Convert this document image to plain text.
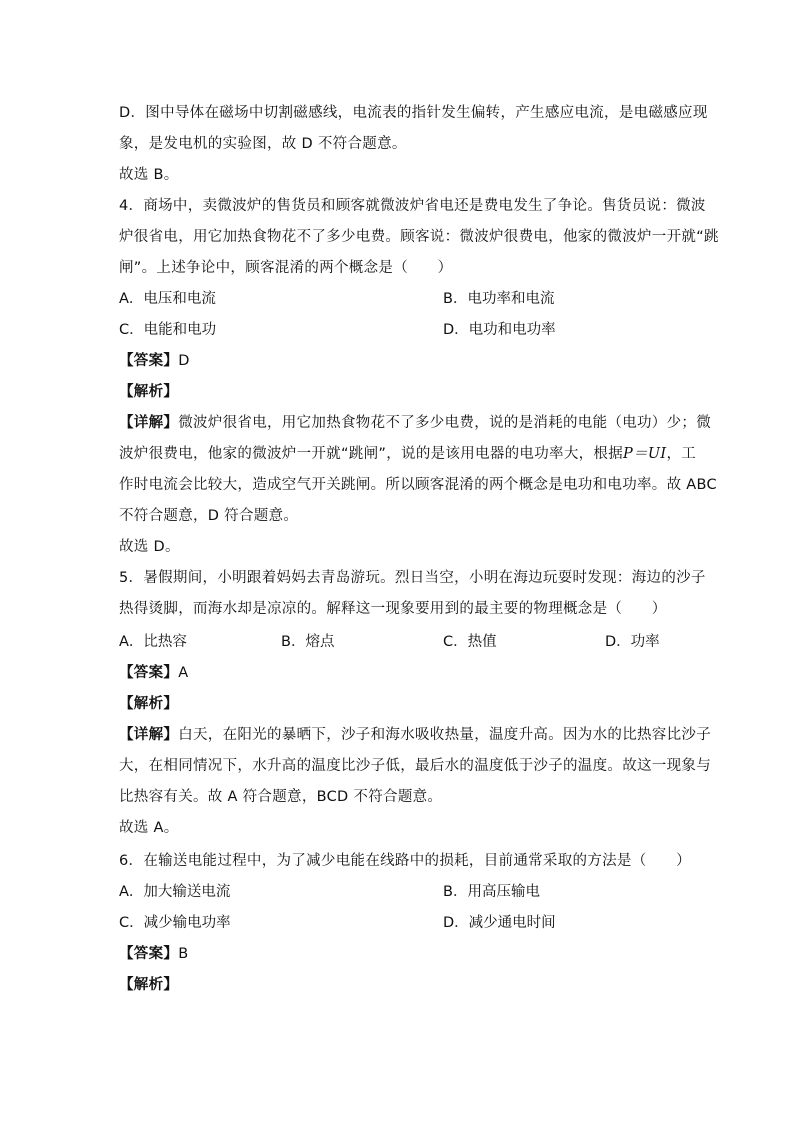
D．图中导体在磁场中切割磁感线，电流表的指针发生偏转，产生感应电流，是电磁感应现
象，是发电机的实验图，故 D 不符合题意。
故选 B。
4．商场中，卖微波炉的售货员和顾客就微波炉省电还是费电发生了争论。售货员说：微波
炉很省电，用它加热食物花不了多少电费。顾客说：微波炉很费电，他家的微波炉一开就“跳
闸”。上述争论中，顾客混淆的两个概念是（　　）
A．电压和电流	B．电功率和电流
C．电能和电功	D．电功和电功率
【答案】D
【解析】
【详解】微波炉很省电，用它加热食物花不了多少电费，说的是消耗的电能（电功）少；微
波炉很费电，他家的微波炉一开就“跳闸”，说的是该用电器的电功率大，根据P＝UI，工
作时电流会比较大，造成空气开关跳闸。所以顾客混淆的两个概念是电功和电功率。故 ABC
不符合题意，D 符合题意。
故选 D。
5．暑假期间，小明跟着妈妈去青岛游玩。烈日当空，小明在海边玩耍时发现：海边的沙子
热得烫脚，而海水却是凉凉的。解释这一现象要用到的最主要的物理概念是（　　）
A．比热容	B．熔点	C．热值	D．功率
【答案】A
【解析】
【详解】白天，在阳光的暴晒下，沙子和海水吸收热量，温度升高。因为水的比热容比沙子
大，在相同情况下，水升高的温度比沙子低，最后水的温度低于沙子的温度。故这一现象与
比热容有关。故 A 符合题意，BCD 不符合题意。
故选 A。
6．在输送电能过程中，为了减少电能在线路中的损耗，目前通常采取的方法是（　　）
A．加大输送电流	B．用高压输电
C．减少输电功率	D．减少通电时间
【答案】B
【解析】
